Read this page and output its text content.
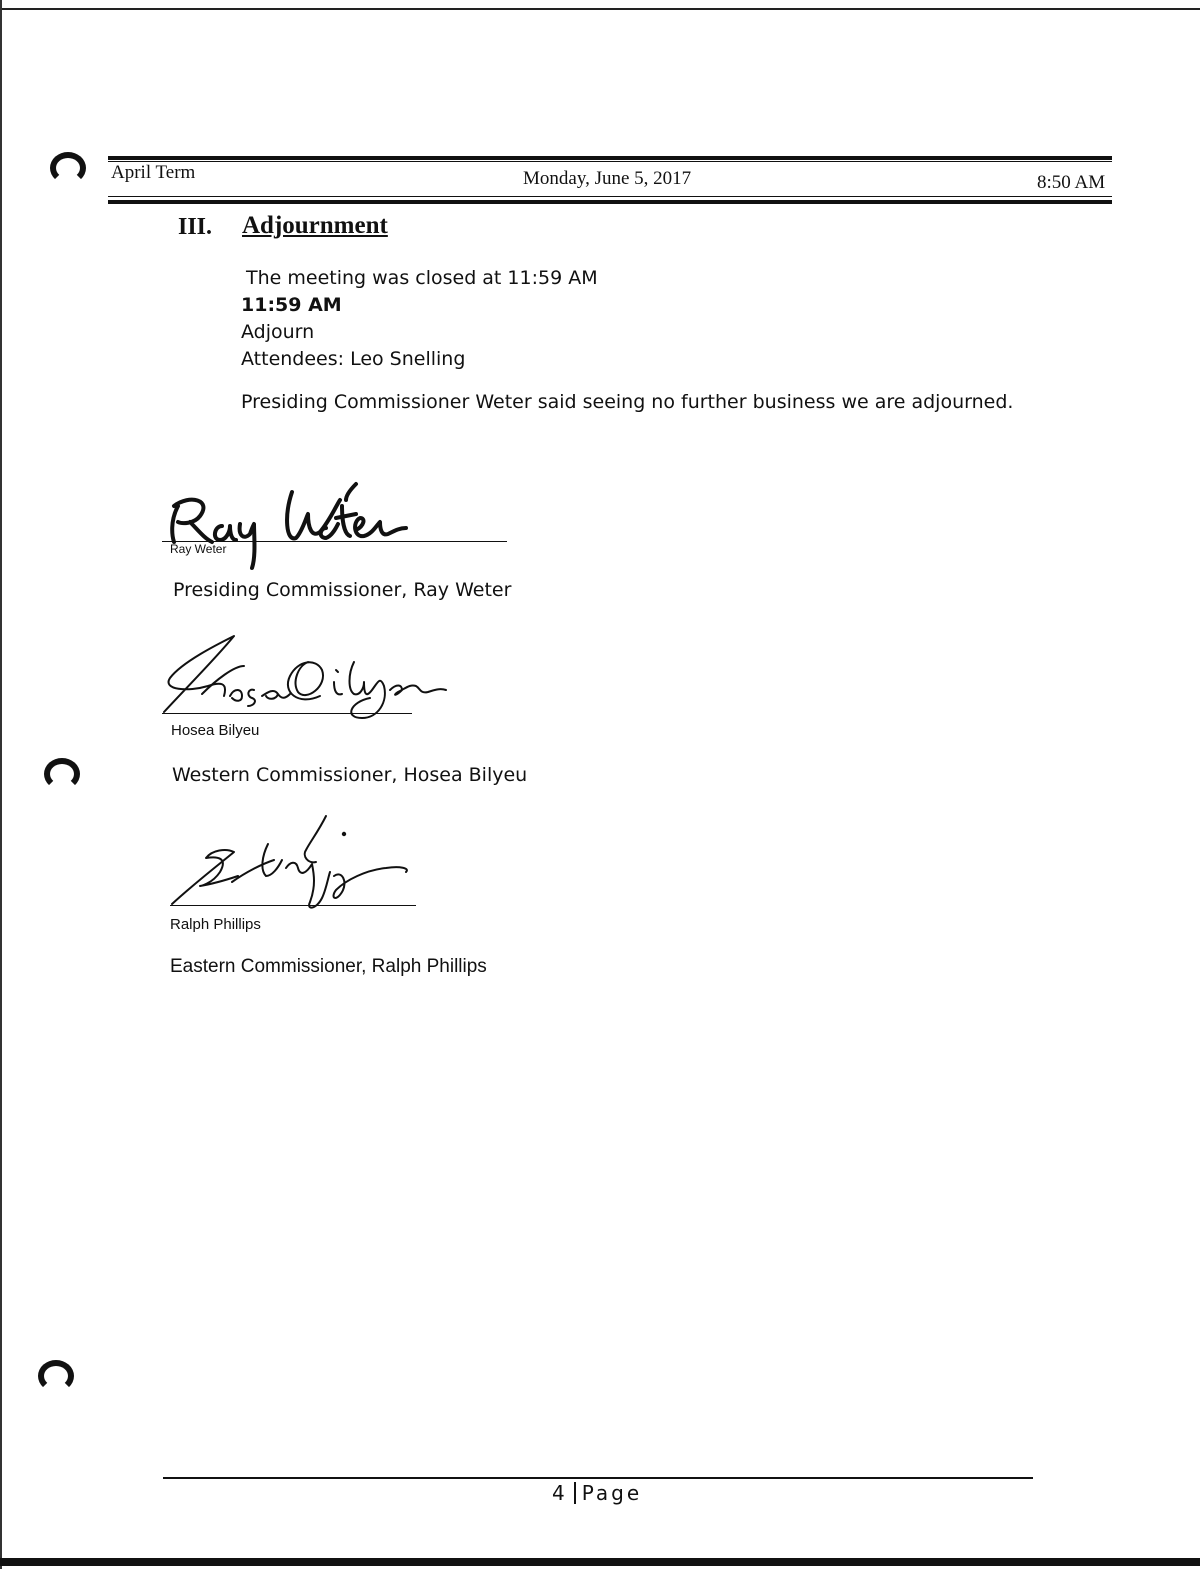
April Term	Monday, June 5, 2017	8:50 AM
III. Adjournment
The meeting was closed at 11:59 AM
11:59 AM
Adjourn
Attendees: Leo Snelling
Presiding Commissioner Weter said seeing no further business we are adjourned.
Ray Weter
Presiding Commissioner, Ray Weter
Hosea Bilyeu
Western Commissioner, Hosea Bilyeu
Ralph Phillips
Eastern Commissioner, Ralph Phillips
4 Page
